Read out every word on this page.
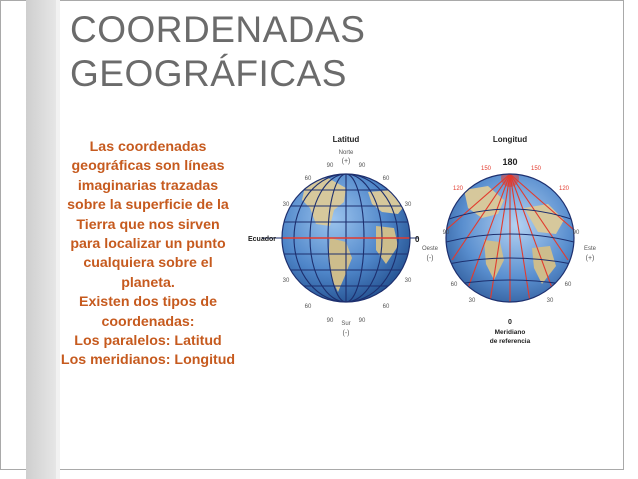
COORDENADAS
GEOGRÁFICAS

Las coordenadas geográficas son líneas imaginarias trazadas sobre la superficie de la Tierra que nos sirven para localizar un punto cualquiera sobre el planeta.

Existen dos tipos de coordenadas:

Los paralelos: Latitud

Los meridianos: Longitud

Latitud
Norte
(+)
Sur
(-)
Ecuador	0
90
60
30
30
60
90
90
60
30
30
60
90
Longitud
180
150
120
150
120
Oeste
(-)
Este
(+)
90
60
30
90
60
30
0
Meridiano
de referencia
